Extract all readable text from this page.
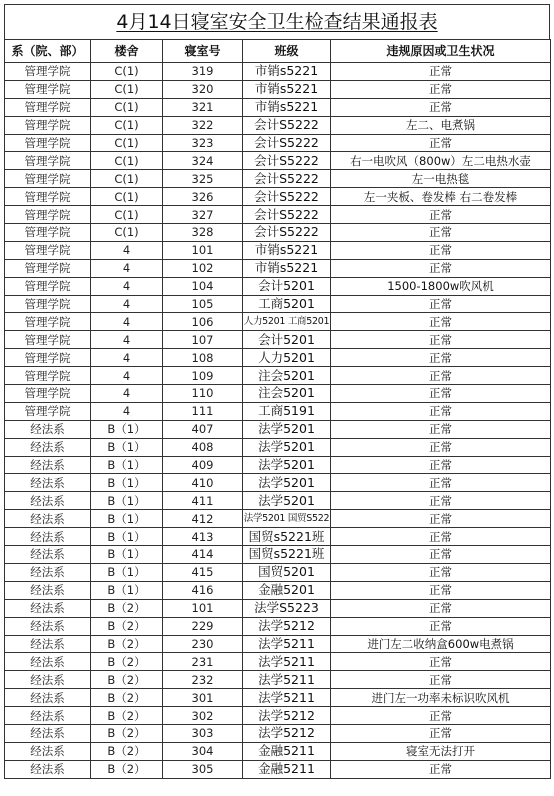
4月14日寝室安全卫生检查结果通报表
系（院、部）	楼舍	寝室号	班级	违规原因或卫生状况
管理学院	C(1)	319	市销s5221	正常
管理学院	C(1)	320	市销s5221	正常
管理学院	C(1)	321	市销s5221	正常
管理学院	C(1)	322	会计S5222	左二、电煮锅
管理学院	C(1)	323	会计S5222	正常
管理学院	C(1)	324	会计S5222	右一电吹风（800w）左二电热水壶
管理学院	C(1)	325	会计S5222	左一电热毯
管理学院	C(1)	326	会计S5222	左一夹板、卷发棒 右二卷发棒
管理学院	C(1)	327	会计S5222	正常
管理学院	C(1)	328	会计S5222	正常
管理学院	4	101	市销s5221	正常
管理学院	4	102	市销s5221	正常
管理学院	4	104	会计5201	1500-1800w吹风机
管理学院	4	105	工商5201	正常
管理学院	4	106	人力5201 工商5201	正常
管理学院	4	107	会计5201	正常
管理学院	4	108	人力5201	正常
管理学院	4	109	注会5201	正常
管理学院	4	110	注会5201	正常
管理学院	4	111	工商5191	正常
经法系	B（1）	407	法学5201	正常
经法系	B（1）	408	法学5201	正常
经法系	B（1）	409	法学5201	正常
经法系	B（1）	410	法学5201	正常
经法系	B（1）	411	法学5201	正常
经法系	B（1）	412	法学5201 国贸S522	正常
经法系	B（1）	413	国贸s5221班	正常
经法系	B（1）	414	国贸s5221班	正常
经法系	B（1）	415	国贸5201	正常
经法系	B（1）	416	金融5201	正常
经法系	B（2）	101	法学S5223	正常
经法系	B（2）	229	法学5212	正常
经法系	B（2）	230	法学5211	进门左二收纳盒600w电煮锅
经法系	B（2）	231	法学5211	正常
经法系	B（2）	232	法学5211	正常
经法系	B（2）	301	法学5211	进门左一功率未标识吹风机
经法系	B（2）	302	法学5212	正常
经法系	B（2）	303	法学5212	正常
经法系	B（2）	304	金融5211	寝室无法打开
经法系	B（2）	305	金融5211	正常
